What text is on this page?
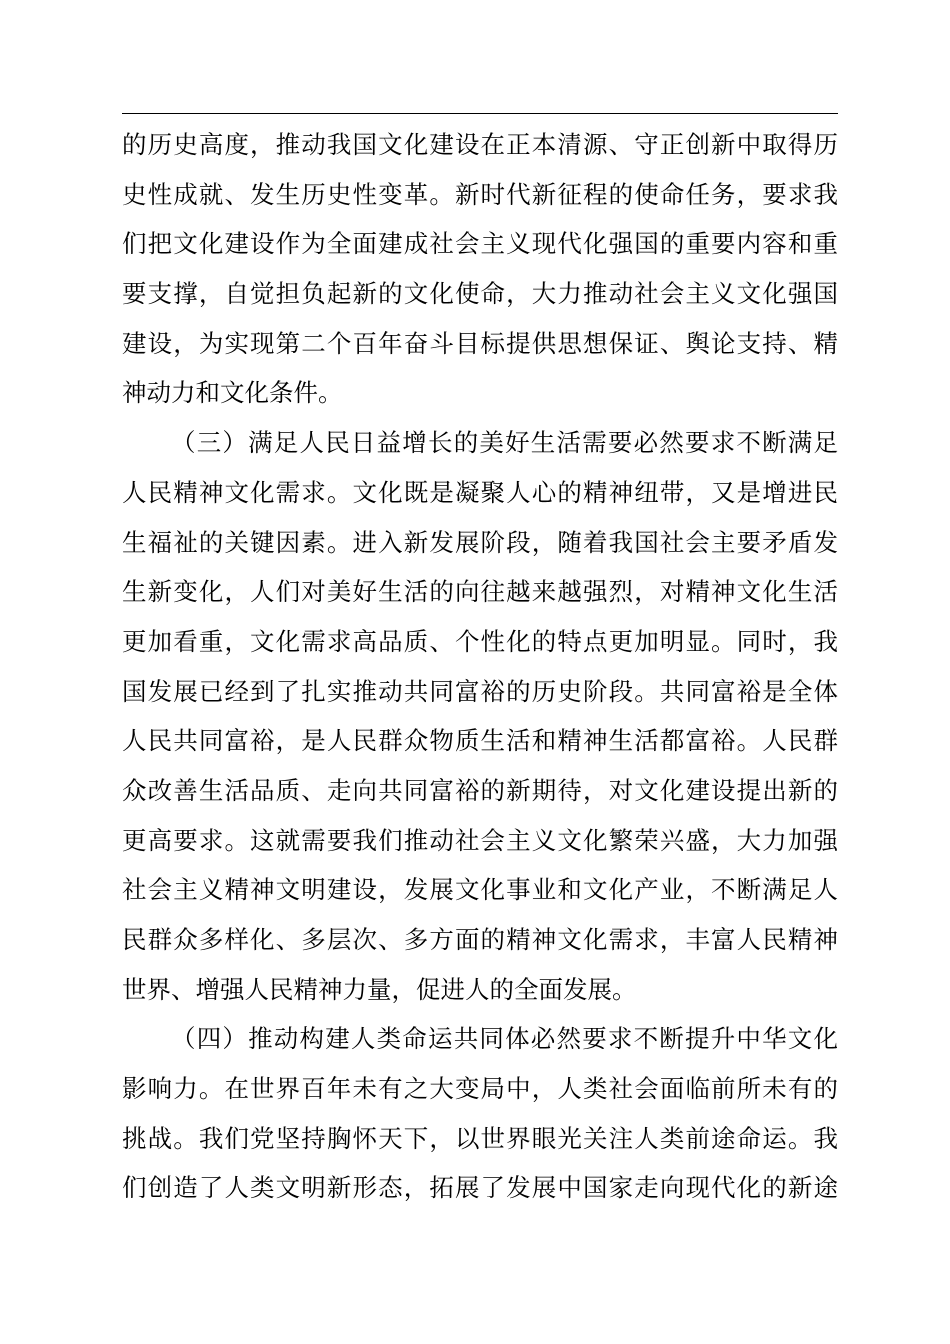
的历史高度，推动我国文化建设在正本清源、守正创新中取得历
史性成就、发生历史性变革。新时代新征程的使命任务，要求我
们把文化建设作为全面建成社会主义现代化强国的重要内容和重
要支撑，自觉担负起新的文化使命，大力推动社会主义文化强国
建设，为实现第二个百年奋斗目标提供思想保证、舆论支持、精
神动力和文化条件。
（三）满足人民日益增长的美好生活需要必然要求不断满足
人民精神文化需求。文化既是凝聚人心的精神纽带，又是增进民
生福祉的关键因素。进入新发展阶段，随着我国社会主要矛盾发
生新变化，人们对美好生活的向往越来越强烈，对精神文化生活
更加看重，文化需求高品质、个性化的特点更加明显。同时，我
国发展已经到了扎实推动共同富裕的历史阶段。共同富裕是全体
人民共同富裕，是人民群众物质生活和精神生活都富裕。人民群
众改善生活品质、走向共同富裕的新期待，对文化建设提出新的
更高要求。这就需要我们推动社会主义文化繁荣兴盛，大力加强
社会主义精神文明建设，发展文化事业和文化产业，不断满足人
民群众多样化、多层次、多方面的精神文化需求，丰富人民精神
世界、增强人民精神力量，促进人的全面发展。
（四）推动构建人类命运共同体必然要求不断提升中华文化
影响力。在世界百年未有之大变局中，人类社会面临前所未有的
挑战。我们党坚持胸怀天下，以世界眼光关注人类前途命运。我
们创造了人类文明新形态，拓展了发展中国家走向现代化的新途
